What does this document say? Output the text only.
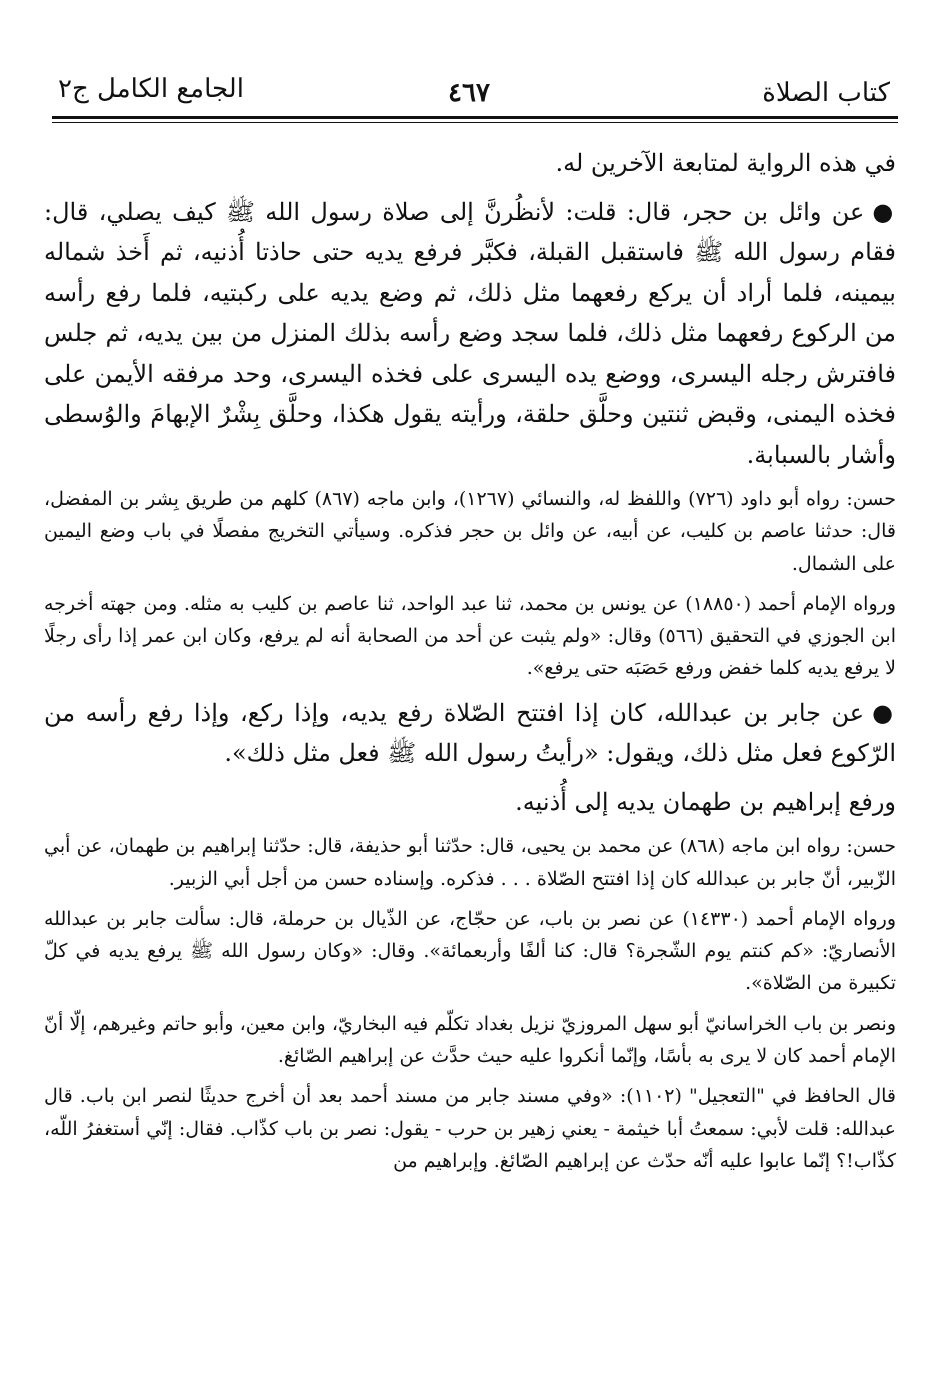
كتاب الصلاة
٤٦٧
الجامع الكامل ج٢

في هذه الرواية لمتابعة الآخرين له.

●عن وائل بن حجر، قال: قلت: لأنظُرنَّ إلى صلاة رسول الله ﷺ كيف يصلي، قال: فقام رسول الله ﷺ فاستقبل القبلة، فكبَّر فرفع يديه حتى حاذتا أُذنيه، ثم أَخذ شماله بيمينه، فلما أراد أن يركع رفعهما مثل ذلك، ثم وضع يديه على ركبتيه، فلما رفع رأسه من الركوع رفعهما مثل ذلك، فلما سجد وضع رأسه بذلك المنزل من بين يديه، ثم جلس فافترش رجله اليسرى، ووضع يده اليسرى على فخذه اليسرى، وحد مرفقه الأيمن على فخذه اليمنى، وقبض ثنتين وحلَّق حلقة، ورأيته يقول هكذا، وحلَّق بِشْرٌ الإبهامَ والوُسطى وأشار بالسبابة.

حسن: رواه أبو داود (٧٢٦) واللفظ له، والنسائي (١٢٦٧)، وابن ماجه (٨٦٧) كلهم من طريق بِشر بن المفضل، قال: حدثنا عاصم بن كليب، عن أبيه، عن وائل بن حجر فذكره. وسيأتي التخريج مفصلًا في باب وضع اليمين على الشمال.

ورواه الإمام أحمد (١٨٨٥٠) عن يونس بن محمد، ثنا عبد الواحد، ثنا عاصم بن كليب به مثله. ومن جهته أخرجه ابن الجوزي في التحقيق (٥٦٦) وقال: «ولم يثبت عن أحد من الصحابة أنه لم يرفع، وكان ابن عمر إذا رأى رجلًا لا يرفع يديه كلما خفض ورفع حَصَبَه حتى يرفع».

●عن جابر بن عبدالله، كان إذا افتتح الصّلاة رفع يديه، وإذا ركع، وإذا رفع رأسه من الرّكوع فعل مثل ذلك، ويقول: «رأيتُ رسول الله ﷺ فعل مثل ذلك».

ورفع إبراهيم بن طهمان يديه إلى أُذنيه.

حسن: رواه ابن ماجه (٨٦٨) عن محمد بن يحيى، قال: حدّثنا أبو حذيفة، قال: حدّثنا إبراهيم بن طهمان، عن أبي الزّبير، أنّ جابر بن عبدالله كان إذا افتتح الصّلاة . . . فذكره. وإسناده حسن من أجل أبي الزبير.

ورواه الإمام أحمد (١٤٣٣٠) عن نصر بن باب، عن حجّاج، عن الذّيال بن حرملة، قال: سألت جابر بن عبدالله الأنصاريّ: «كم كنتم يوم الشّجرة؟ قال: كنا ألفًا وأربعمائة». وقال: «وكان رسول الله ﷺ يرفع يديه في كلّ تكبيرة من الصّلاة».

ونصر بن باب الخراسانيّ أبو سهل المروزيّ نزيل بغداد تكلّم فيه البخاريّ، وابن معين، وأبو حاتم وغيرهم، إلّا أنّ الإمام أحمد كان لا يرى به بأسًا، وإنّما أنكروا عليه حيث حدَّث عن إبراهيم الصّائغ.

قال الحافظ في "التعجيل" (١١٠٢): «وفي مسند جابر من مسند أحمد بعد أن أخرج حديثًا لنصر ابن باب. قال عبدالله: قلت لأبي: سمعتُ أبا خيثمة - يعني زهير بن حرب - يقول: نصر بن باب كذّاب. فقال: إنّي أستغفرُ اللّه، كذّاب!؟ إنّما عابوا عليه أنّه حدّث عن إبراهيم الصّائغ. وإبراهيم من
